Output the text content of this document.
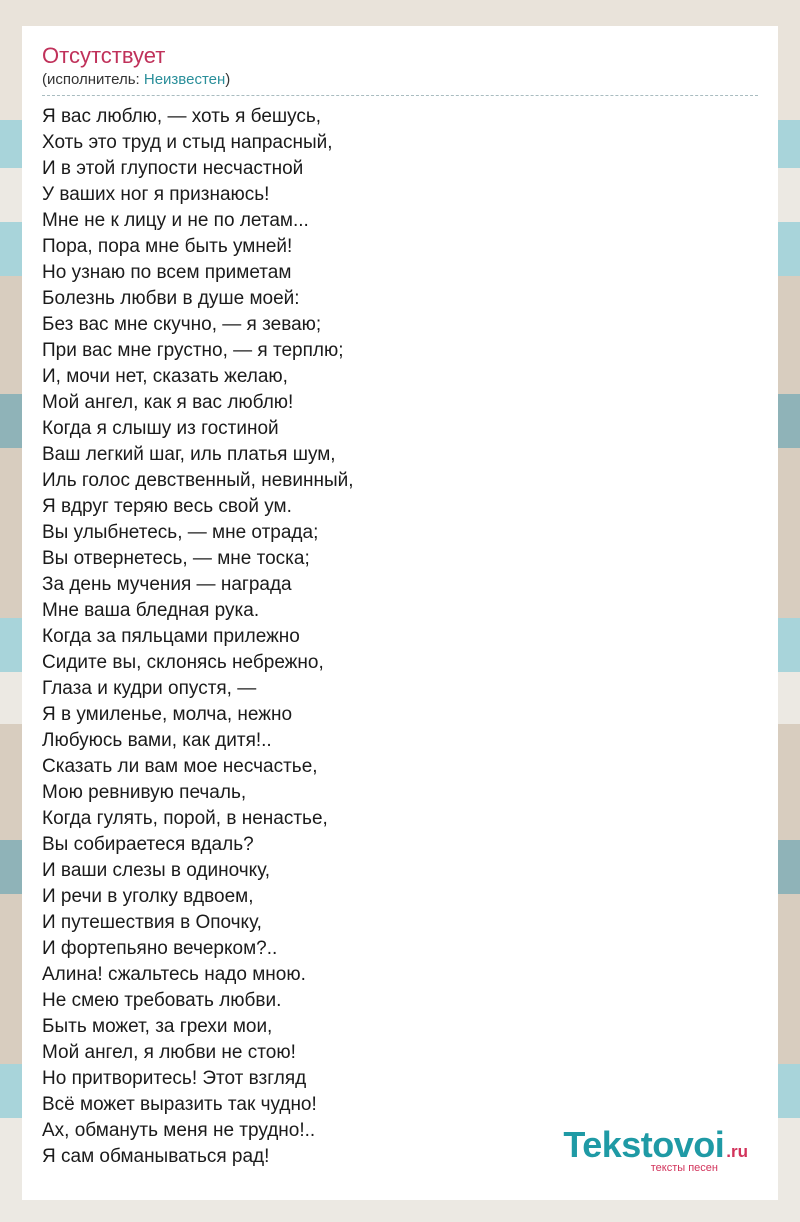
Отсутствует
(исполнитель: Неизвестен)
Я вас люблю, — хоть я бешусь,
Хоть это труд и стыд напрасный,
И в этой глупости несчастной
У ваших ног я признаюсь!
Мне не к лицу и не по летам...
Пора, пора мне быть умней!
Но узнаю по всем приметам
Болезнь любви в душе моей:
Без вас мне скучно, — я зеваю;
При вас мне грустно, — я терплю;
И, мочи нет, сказать желаю,
Мой ангел, как я вас люблю!
Когда я слышу из гостиной
Ваш легкий шаг, иль платья шум,
Иль голос девственный, невинный,
Я вдруг теряю весь свой ум.
Вы улыбнетесь, — мне отрада;
Вы отвернетесь, — мне тоска;
За день мучения — награда
Мне ваша бледная рука.
Когда за пяльцами прилежно
Сидите вы, склонясь небрежно,
Глаза и кудри опустя, —
Я в умиленье, молча, нежно
Любуюсь вами, как дитя!..
Сказать ли вам мое несчастье,
Мою ревнивую печаль,
Когда гулять, порой, в ненастье,
Вы собираетеся вдаль?
И ваши слезы в одиночку,
И речи в уголку вдвоем,
И путешествия в Опочку,
И фортепьяно вечерком?..
Алина! сжальтесь надо мною.
Не смею требовать любви.
Быть может, за грехи мои,
Мой ангел, я любви не стою!
Но притворитесь! Этот взгляд
Всё может выразить так чудно!
Ах, обмануть меня не трудно!..
Я сам обманываться рад!	Tekstovoi .ru
тексты песен
